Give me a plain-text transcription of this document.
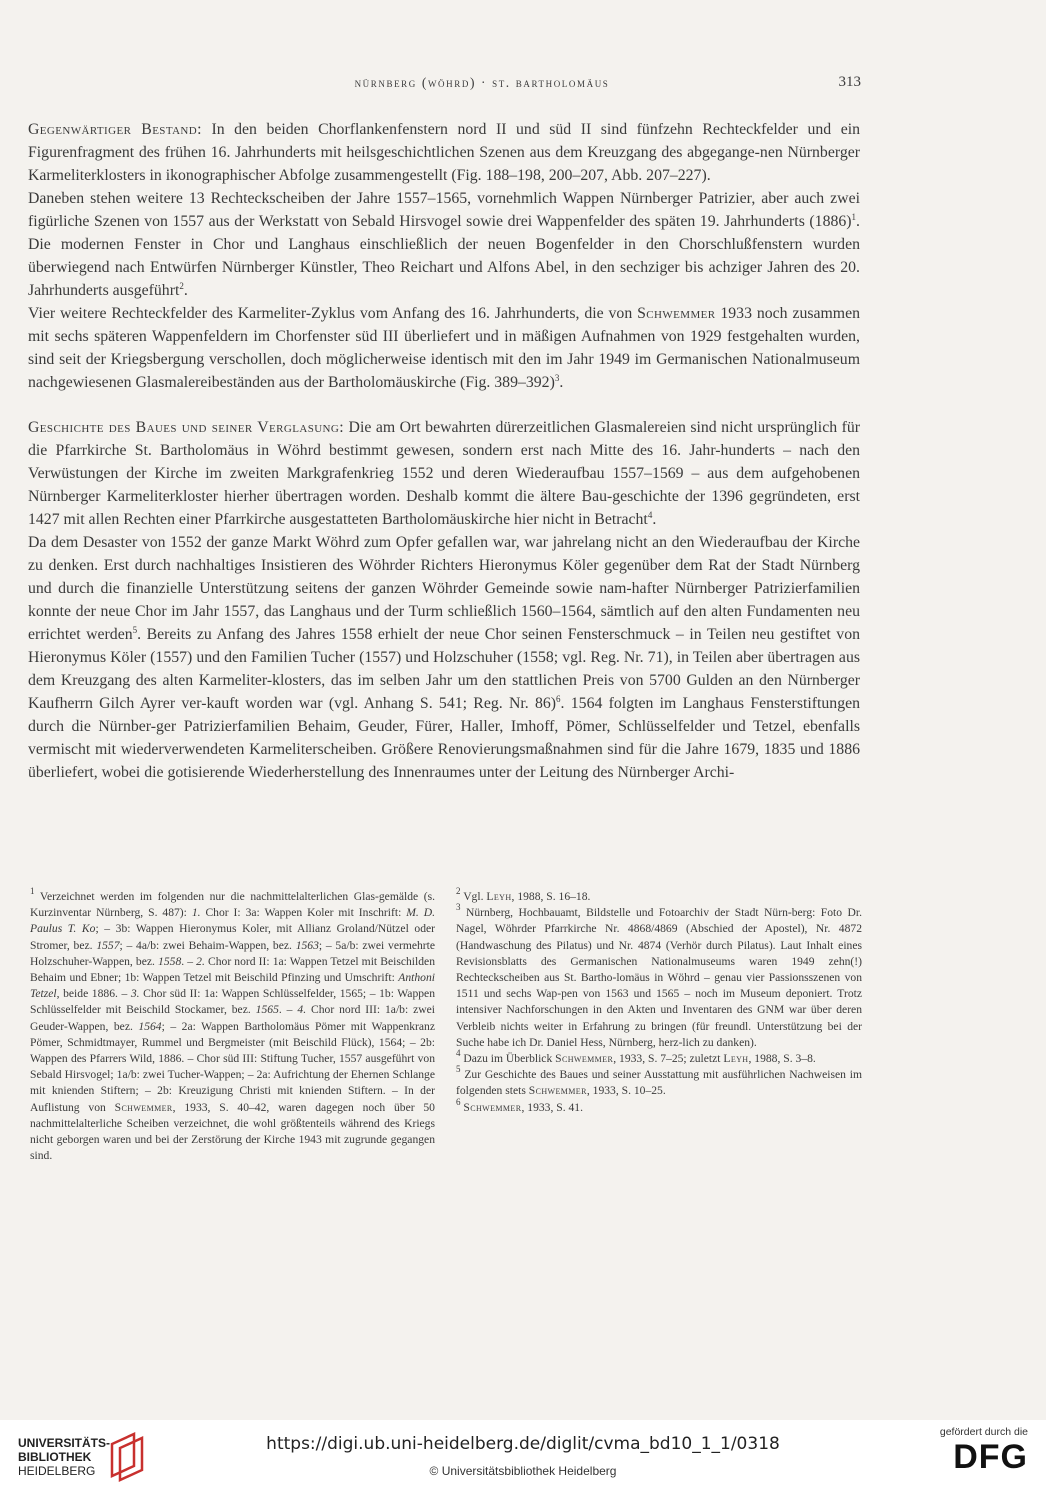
nürnberg (wöhrd) · st. bartholomäus	313

Gegenwärtiger Bestand: In den beiden Chorflankenfenstern nord II und süd II sind fünfzehn Rechteckfelder und ein Figurenfragment des frühen 16. Jahrhunderts mit heilsgeschichtlichen Szenen aus dem Kreuzgang des abgegange-nen Nürnberger Karmeliterklosters in ikonographischer Abfolge zusammengestellt (Fig. 188–198, 200–207, Abb. 207–227).

Daneben stehen weitere 13 Rechteckscheiben der Jahre 1557–1565, vornehmlich Wappen Nürnberger Patrizier, aber auch zwei figürliche Szenen von 1557 aus der Werkstatt von Sebald Hirsvogel sowie drei Wappenfelder des späten 19. Jahrhunderts $(1886)^1$. Die modernen Fenster in Chor und Langhaus einschließlich der neuen Bogenfelder in den Chorschlußfenstern wurden überwiegend nach Entwürfen Nürnberger Künstler, Theo Reichart und Alfons Abel, in den sechziger bis achziger Jahren des 20. Jahrhunderts ausgeführt$^2$.

Vier weitere Rechteckfelder des Karmeliter-Zyklus vom Anfang des 16. Jahrhunderts, die von Schwemmer 1933 noch zusammen mit sechs späteren Wappenfeldern im Chorfenster süd III überliefert und in mäßigen Aufnahmen von 1929 festgehalten wurden, sind seit der Kriegsbergung verschollen, doch möglicherweise identisch mit den im Jahr 1949 im Germanischen Nationalmuseum nachgewiesenen Glasmalereibeständen aus der Bartholomäuskirche (Fig. 389–392)$^3$.

Geschichte des Baues und seiner Verglasung: Die am Ort bewahrten dürerzeitlichen Glasmalereien sind nicht ursprünglich für die Pfarrkirche St. Bartholomäus in Wöhrd bestimmt gewesen, sondern erst nach Mitte des 16. Jahr-hunderts – nach den Verwüstungen der Kirche im zweiten Markgrafenkrieg 1552 und deren Wiederaufbau 1557–1569 – aus dem aufgehobenen Nürnberger Karmeliterkloster hierher übertragen worden. Deshalb kommt die ältere Bau-geschichte der 1396 gegründeten, erst 1427 mit allen Rechten einer Pfarrkirche ausgestatteten Bartholomäuskirche hier nicht in Betracht$^4$.

Da dem Desaster von 1552 der ganze Markt Wöhrd zum Opfer gefallen war, war jahrelang nicht an den Wiederaufbau der Kirche zu denken. Erst durch nachhaltiges Insistieren des Wöhrder Richters Hieronymus Köler gegenüber dem Rat der Stadt Nürnberg und durch die finanzielle Unterstützung seitens der ganzen Wöhrder Gemeinde sowie nam-hafter Nürnberger Patrizierfamilien konnte der neue Chor im Jahr 1557, das Langhaus und der Turm schließlich 1560–1564, sämtlich auf den alten Fundamenten neu errichtet werden$^5$. Bereits zu Anfang des Jahres 1558 erhielt der neue Chor seinen Fensterschmuck – in Teilen neu gestiftet von Hieronymus Köler (1557) und den Familien Tucher (1557) und Holzschuher (1558; vgl. Reg. Nr. 71), in Teilen aber übertragen aus dem Kreuzgang des alten Karmeliter-klosters, das im selben Jahr um den stattlichen Preis von 5700 Gulden an den Nürnberger Kaufherrn Gilch Ayrer ver-kauft worden war (vgl. Anhang S. 541; Reg. Nr. 86)$^6$. 1564 folgten im Langhaus Fensterstiftungen durch die Nürnber-ger Patrizierfamilien Behaim, Geuder, Fürer, Haller, Imhoff, Pömer, Schlüsselfelder und Tetzel, ebenfalls vermischt mit wiederverwendeten Karmeliterscheiben. Größere Renovierungsmaßnahmen sind für die Jahre 1679, 1835 und 1886 überliefert, wobei die gotisierende Wiederherstellung des Innenraumes unter der Leitung des Nürnberger Archi-

$^1$ Verzeichnet werden im folgenden nur die nachmittelalterlichen Glas-gemälde (s. Kurzinventar Nürnberg, S. 487): 1. Chor I: 3a: Wappen Koler mit Inschrift: M. D. Paulus T. Ko; – 3b: Wappen Hieronymus Koler, mit Allianz Groland/Nützel oder Stromer, bez. 1557; – 4a/b: zwei Behaim-Wappen, bez. 1563; – 5a/b: zwei vermehrte Holzschuher-Wappen, bez. 1558. – 2. Chor nord II: 1a: Wappen Tetzel mit Beischilden Behaim und Ebner; 1b: Wappen Tetzel mit Beischild Pfinzing und Umschrift: Anthoni Tetzel, beide 1886. – 3. Chor süd II: 1a: Wappen Schlüsselfelder, 1565; – 1b: Wappen Schlüsselfelder mit Beischild Stockamer, bez. 1565. – 4. Chor nord III: 1a/b: zwei Geuder-Wappen, bez. 1564; – 2a: Wappen Bartholomäus Pömer mit Wappenkranz Pömer, Schmidtmayer, Rummel und Bergmeister (mit Beischild Flück), 1564; – 2b: Wappen des Pfarrers Wild, 1886. – Chor süd III: Stiftung Tucher, 1557 ausgeführt von Sebald Hirsvogel; 1a/b: zwei Tucher-Wappen; – 2a: Aufrichtung der Ehernen Schlange mit knienden Stiftern; – 2b: Kreuzigung Christi mit knienden Stiftern. – In der Auflistung von Schwemmer, 1933, S. 40–42, waren dagegen noch über 50 nachmittelalterliche Scheiben verzeichnet, die wohl größtenteils während des Kriegs nicht geborgen waren und bei der Zerstörung der Kirche 1943 mit zugrunde gegangen sind.

$^2$ Vgl. Leyh, 1988, S. 16–18.

$^3$ Nürnberg, Hochbauamt, Bildstelle und Fotoarchiv der Stadt Nürn-berg: Foto Dr. Nagel, Wöhrder Pfarrkirche Nr. 4868/4869 (Abschied der Apostel), Nr. 4872 (Handwaschung des Pilatus) und Nr. 4874 (Verhör durch Pilatus). Laut Inhalt eines Revisionsblatts des Germanischen Nationalmuseums waren 1949 zehn(!) Rechteckscheiben aus St. Bartho-lomäus in Wöhrd – genau vier Passionsszenen von 1511 und sechs Wap-pen von 1563 und 1565 – noch im Museum deponiert. Trotz intensiver Nachforschungen in den Akten und Inventaren des GNM war über deren Verbleib nichts weiter in Erfahrung zu bringen (für freundl. Unterstützung bei der Suche habe ich Dr. Daniel Hess, Nürnberg, herz-lich zu danken).

$^4$ Dazu im Überblick Schwemmer, 1933, S. 7–25; zuletzt Leyh, 1988, S. 3–8.

$^5$ Zur Geschichte des Baues und seiner Ausstattung mit ausführlichen Nachweisen im folgenden stets Schwemmer, 1933, S. 10–25.

$^6$ Schwemmer, 1933, S. 41.

UNIVERSITÄTS-
BIBLIOTHEK
HEIDELBERG
https://digi.ub.uni-heidelberg.de/diglit/cvma_bd10_1_1/0318
© Universitätsbibliothek Heidelberg
gefördert durch die
DFG
